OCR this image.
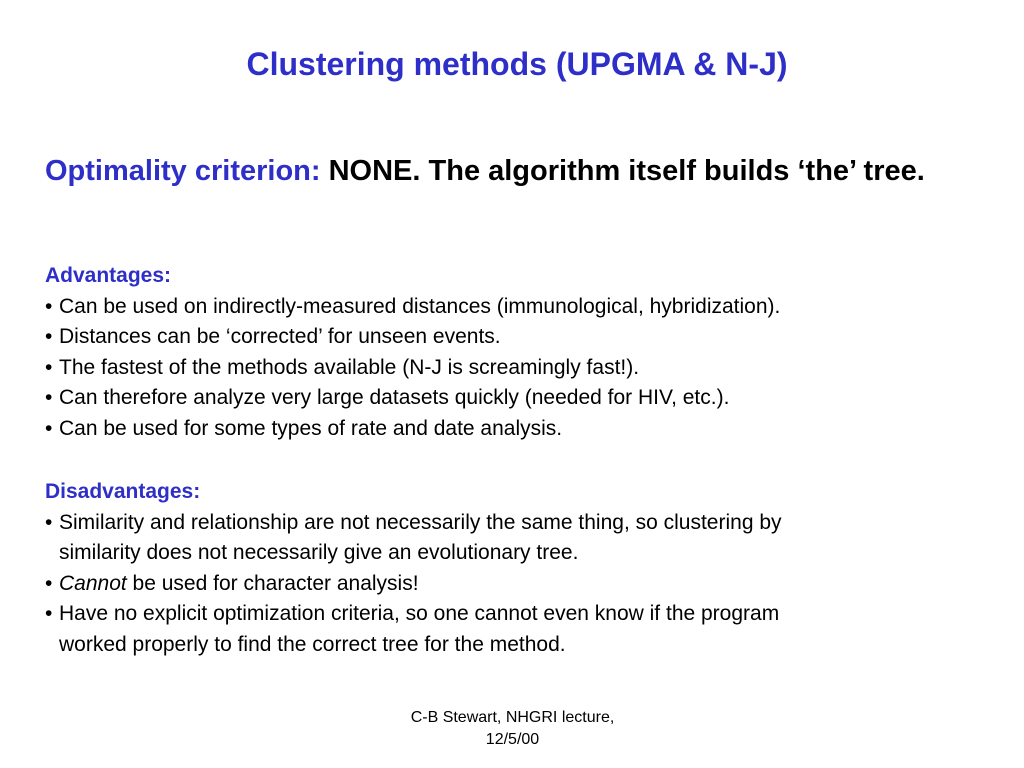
Clustering methods (UPGMA & N-J)
Optimality criterion: NONE. The algorithm itself builds ‘the’ tree.
Advantages:
• Can be used on indirectly-measured distances (immunological, hybridization).
• Distances can be ‘corrected’ for unseen events.
• The fastest of the methods available (N-J is screamingly fast!).
• Can therefore analyze very large datasets quickly (needed for HIV, etc.).
• Can be used for some types of rate and date analysis.
Disadvantages:
• Similarity and relationship are not necessarily the same thing, so clustering by
similarity does not necessarily give an evolutionary tree.
• Cannot be used for character analysis!
• Have no explicit optimization criteria, so one cannot even know if the program
worked properly to find the correct tree for the method.
C-B Stewart, NHGRI lecture,
12/5/00
